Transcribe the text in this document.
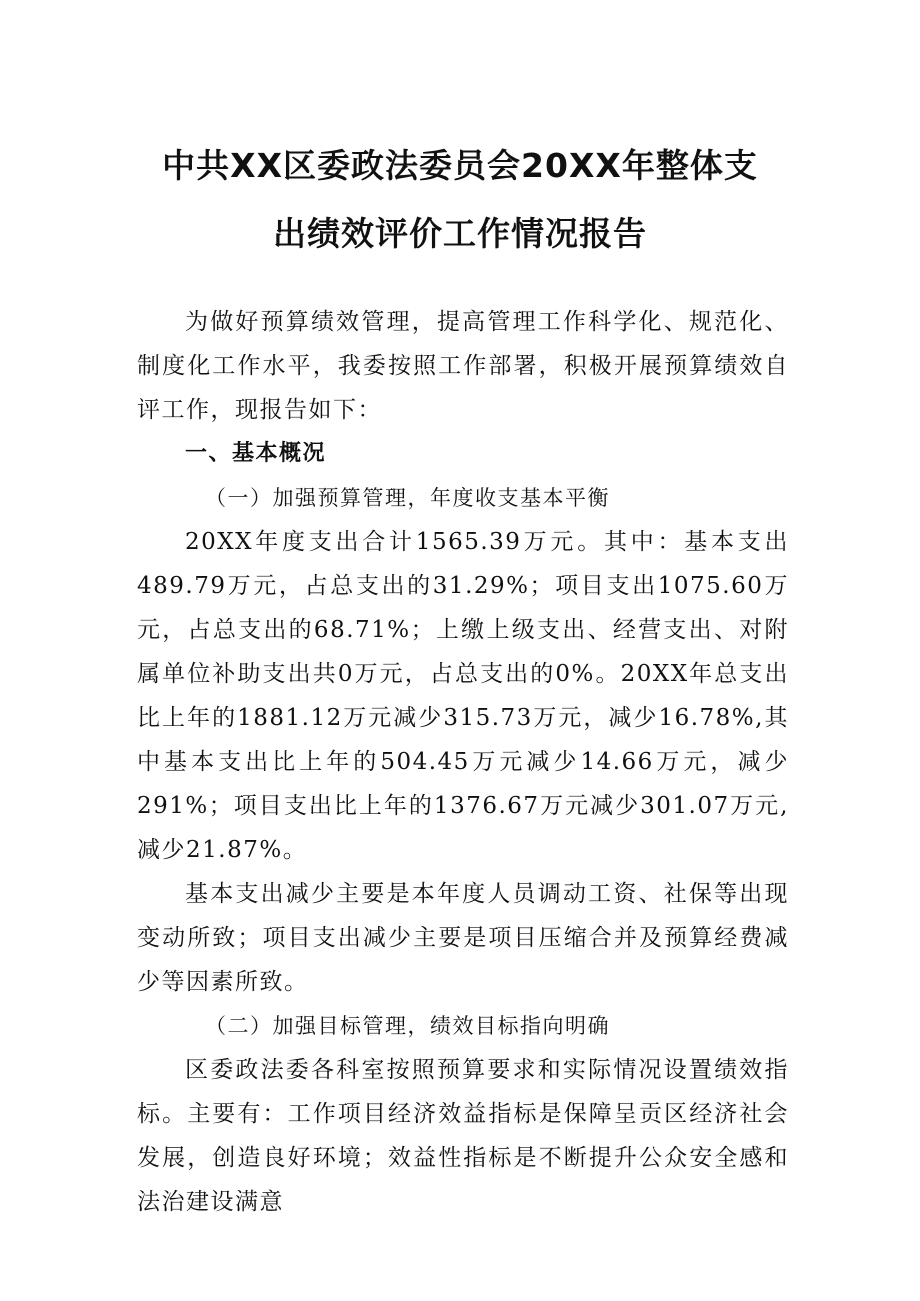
中共XX区委政法委员会20XX年整体支
出绩效评价工作情况报告

为做好预算绩效管理，提高管理工作科学化、规范化、制度化工作水平，我委按照工作部署，积极开展预算绩效自评工作，现报告如下：

一、基本概况

（一）加强预算管理，年度收支基本平衡

20XX年度支出合计1565.39万元。其中：基本支出489.79万元，占总支出的31.29%；项目支出1075.60万元，占总支出的68.71%；上缴上级支出、经营支出、对附属单位补助支出共0万元，占总支出的0%。20XX年总支出比上年的1881.12万元减少315.73万元，减少16.78%,其中基本支出比上年的504.45万元减少14.66万元，减少291%；项目支出比上年的1376.67万元减少301.07万元,减少21.87%。

基本支出减少主要是本年度人员调动工资、社保等出现变动所致；项目支出减少主要是项目压缩合并及预算经费减少等因素所致。

（二）加强目标管理，绩效目标指向明确

区委政法委各科室按照预算要求和实际情况设置绩效指标。主要有：工作项目经济效益指标是保障呈贡区经济社会发展，创造良好环境；效益性指标是不断提升公众安全感和法治建设满意
